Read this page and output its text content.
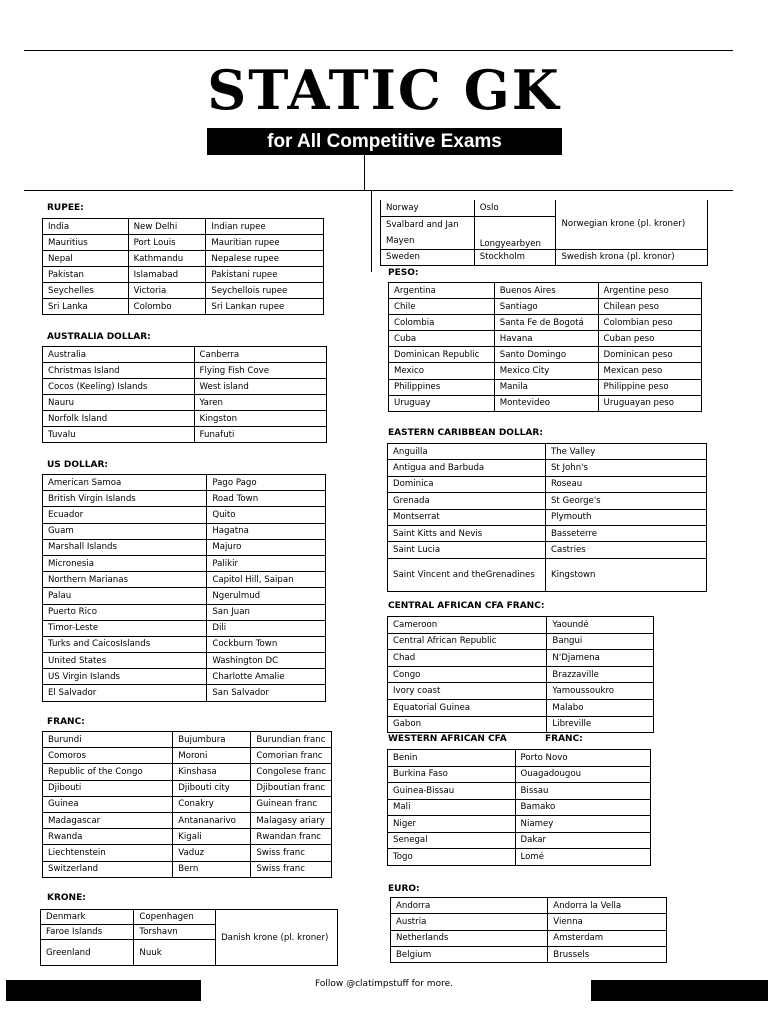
STATIC GK
for All Competitive Exams
RUPEE:
India	New Delhi	Indian rupee
Mauritius	Port Louis	Mauritian rupee
Nepal	Kathmandu	Nepalese rupee
Pakistan	Islamabad	Pakistani rupee
Seychelles	Victoria	Seychellois rupee
Sri Lanka	Colombo	Sri Lankan rupee
AUSTRALIA DOLLAR:
Australia	Canberra
Christmas Island	Flying Fish Cove
Cocos (Keeling) Islands	West island
Nauru	Yaren
Norfolk Island	Kingston
Tuvalu	Funafuti
US DOLLAR:
American Samoa	Pago Pago
British Virgin Islands	Road Town
Ecuador	Quito
Guam	Hagatna
Marshall Islands	Majuro
Micronesia	Palikir
Northern Marianas	Capitol Hill, Saipan
Palau	Ngerulmud
Puerto Rico	San Juan
Timor-Leste	Dili
Turks and CaicosIslands	Cockburn Town
United States	Washington DC
US Virgin Islands	Charlotte Amalie
El Salvador	San Salvador
FRANC:
Burundi	Bujumbura	Burundian franc
Comoros	Moroni	Comorian franc
Republic of the Congo	Kinshasa	Congolese franc
Djibouti	Djibouti city	Djiboutian franc
Guinea	Conakry	Guinean franc
Madagascar	Antananarivo	Malagasy ariary
Rwanda	Kigali	Rwandan franc
Liechtenstein	Vaduz	Swiss franc
Switzerland	Bern	Swiss franc
KRONE:
Denmark	Copenhagen	Danish krone (pl. kroner)
Faroe Islands	Torshavn	
Greenland	Nuuk	
Norway	Oslo	Norwegian krone (pl. kroner)
Svalbard and Jan
Mayen	Longyearbyen	
Sweden	Stockholm	Swedish krona (pl. kronor)
PESO:
Argentina	Buenos Aires	Argentine peso
Chile	Santiago	Chilean peso
Colombia	Santa Fe de Bogotá	Colombian peso
Cuba	Havana	Cuban peso
Dominican Republic	Santo Domingo	Dominican peso
Mexico	Mexico City	Mexican peso
Philippines	Manila	Philippine peso
Uruguay	Montevideo	Uruguayan peso
EASTERN CARIBBEAN DOLLAR:
Anguilla	The Valley
Antigua and Barbuda	St John's
Dominica	Roseau
Grenada	St George's
Montserrat	Plymouth
Saint Kitts and Nevis	Basseterre
Saint Lucia	Castries
Saint Vincent and theGrenadines	Kingstown
CENTRAL AFRICAN CFA FRANC:
Cameroon	Yaoundé
Central African Republic	Bangui
Chad	N'Djamena
Congo	Brazzaville
Ivory coast	Yamoussoukro
Equatorial Guinea	Malabo
Gabon	Libreville
WESTERN AFRICAN CFA	FRANC:
Benin	Porto Novo
Burkina Faso	Ouagadougou
Guinea-Bissau	Bissau
Mali	Bamako
Niger	Niamey
Senegal	Dakar
Togo	Lomé
EURO:
Andorra	Andorra la Vella
Austria	Vienna
Netherlands	Amsterdam
Belgium	Brussels
Follow @clatimpstuff for more.
